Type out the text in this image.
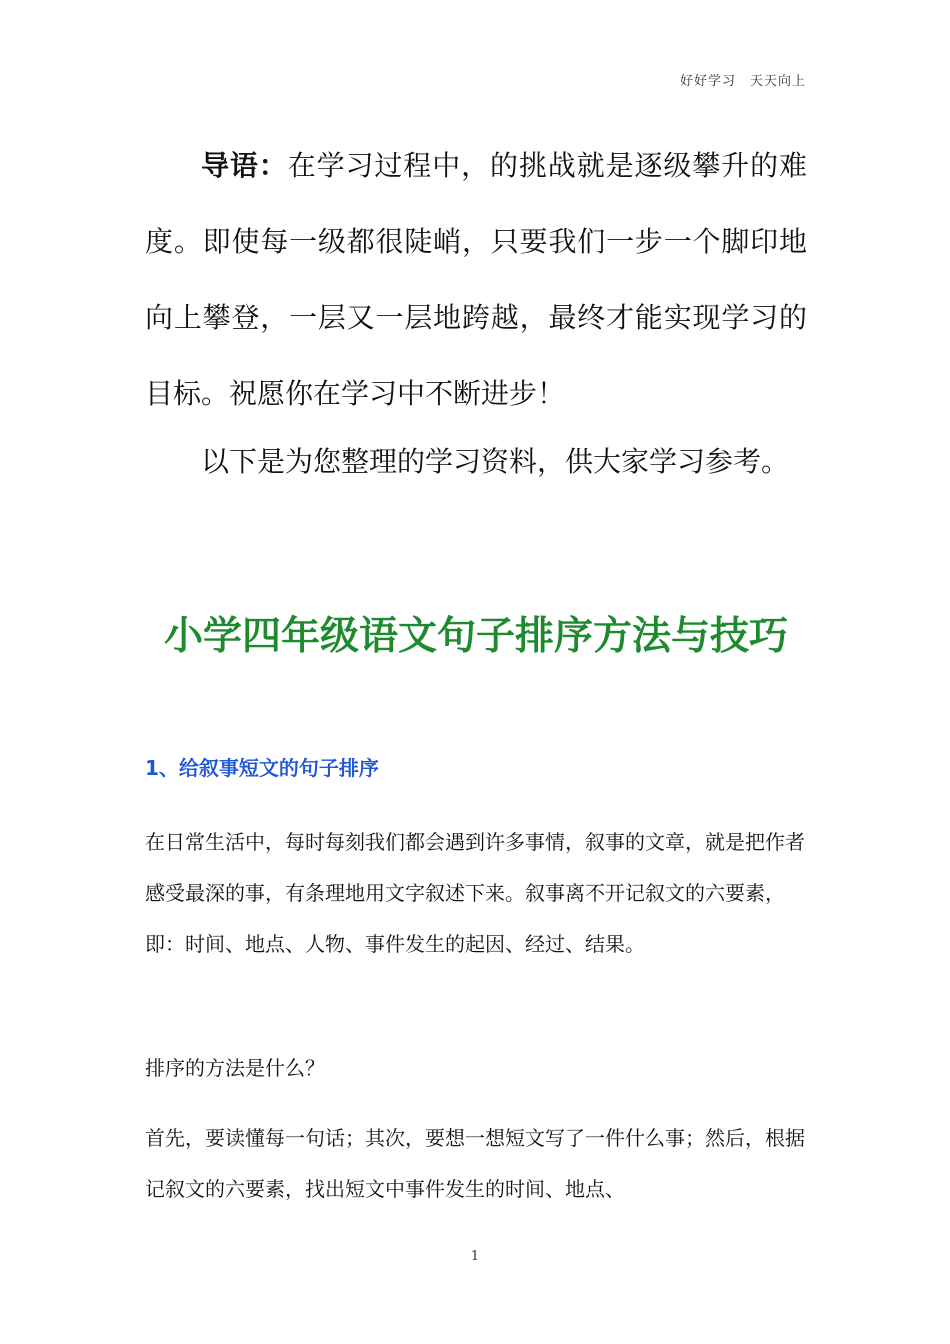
好好学习　天天向上

导语：在学习过程中，的挑战就是逐级攀升的难度。即使每一级都很陡峭，只要我们一步一个脚印地向上攀登，一层又一层地跨越，最终才能实现学习的目标。祝愿你在学习中不断进步！

以下是为您整理的学习资料，供大家学习参考。

小学四年级语文句子排序方法与技巧
1、给叙事短文的句子排序

在日常生活中，每时每刻我们都会遇到许多事情，叙事的文章，就是把作者感受最深的事，有条理地用文字叙述下来。叙事离不开记叙文的六要素，即：时间、地点、人物、事件发生的起因、经过、结果。

排序的方法是什么？

首先，要读懂每一句话；其次，要想一想短文写了一件什么事；然后，根据记叙文的六要素，找出短文中事件发生的时间、地点、

1
